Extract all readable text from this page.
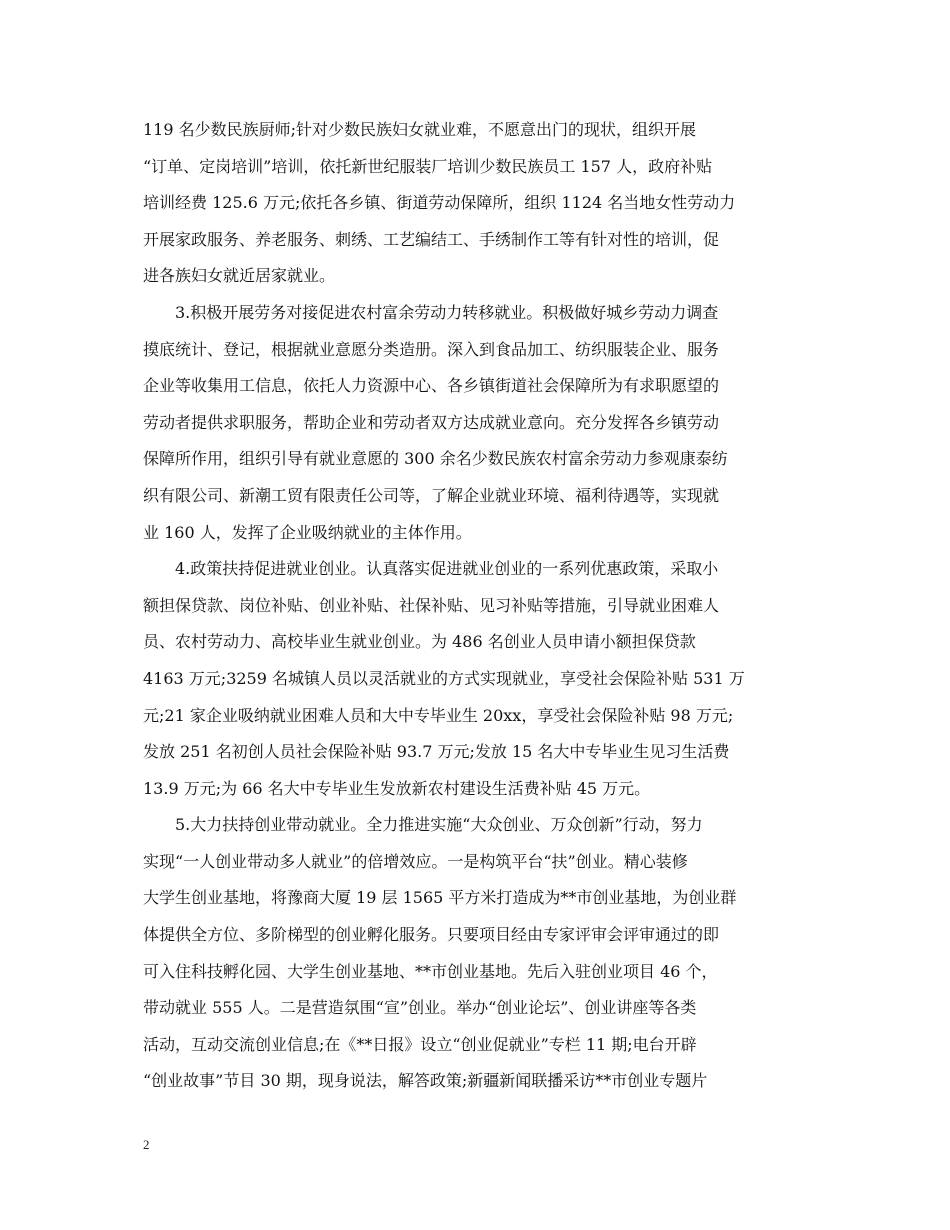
119 名少数民族厨师;针对少数民族妇女就业难，不愿意出门的现状，组织开展
“订单、定岗培训”培训，依托新世纪服装厂培训少数民族员工 157 人，政府补贴
培训经费 125.6 万元;依托各乡镇、街道劳动保障所，组织 1124 名当地女性劳动力
开展家政服务、养老服务、刺绣、工艺编结工、手绣制作工等有针对性的培训，促
进各族妇女就近居家就业。

　　3.积极开展劳务对接促进农村富余劳动力转移就业。积极做好城乡劳动力调查
摸底统计、登记，根据就业意愿分类造册。深入到食品加工、纺织服装企业、服务
企业等收集用工信息，依托人力资源中心、各乡镇街道社会保障所为有求职愿望的
劳动者提供求职服务，帮助企业和劳动者双方达成就业意向。充分发挥各乡镇劳动
保障所作用，组织引导有就业意愿的 300 余名少数民族农村富余劳动力参观康泰纺
织有限公司、新潮工贸有限责任公司等，了解企业就业环境、福利待遇等，实现就
业 160 人，发挥了企业吸纳就业的主体作用。

　　4.政策扶持促进就业创业。认真落实促进就业创业的一系列优惠政策，采取小
额担保贷款、岗位补贴、创业补贴、社保补贴、见习补贴等措施，引导就业困难人
员、农村劳动力、高校毕业生就业创业。为 486 名创业人员申请小额担保贷款
4163 万元;3259 名城镇人员以灵活就业的方式实现就业，享受社会保险补贴 531 万
元;21 家企业吸纳就业困难人员和大中专毕业生 20xx，享受社会保险补贴 98 万元;
发放 251 名初创人员社会保险补贴 93.7 万元;发放 15 名大中专毕业生见习生活费
13.9 万元;为 66 名大中专毕业生发放新农村建设生活费补贴 45 万元。

　　5.大力扶持创业带动就业。全力推进实施“大众创业、万众创新”行动，努力
实现“一人创业带动多人就业”的倍增效应。一是构筑平台“扶”创业。精心装修
大学生创业基地，将豫商大厦 19 层 1565 平方米打造成为**市创业基地，为创业群
体提供全方位、多阶梯型的创业孵化服务。只要项目经由专家评审会评审通过的即
可入住科技孵化园、大学生创业基地、**市创业基地。先后入驻创业项目 46 个，
带动就业 555 人。二是营造氛围“宣”创业。举办“创业论坛”、创业讲座等各类
活动，互动交流创业信息;在《**日报》设立“创业促就业”专栏 11 期;电台开辟
“创业故事”节目 30 期，现身说法，解答政策;新疆新闻联播采访**市创业专题片

2
